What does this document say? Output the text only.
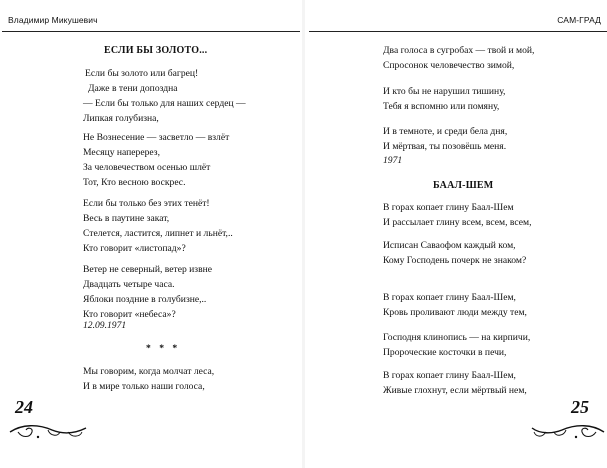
Владимир Микушевич
ЕСЛИ БЫ ЗОЛОТО...
Если бы золото или багрец!
Даже в тени допоздна
— Если бы только для наших сердец —
Липкая голубизна,
Не Вознесение — засветло — взлёт
Месяцу наперерез,
За человечеством осенью шлёт
Тот, Кто весною воскрес.
Если бы только без этих тенёт!
Весь в паутине закат,
Стелется, ластится, липнет и льнёт,..
Кто говорит «листопад»?
Ветер не северный, ветер извне
Двадцать четыре часа.
Яблоки поздние в голубизне,..
Кто говорит «небеса»?
12.09.1971
* * *
Мы говорим, когда молчат леса,
И в мире только наши голоса,
24
САМ-ГРАД
Два голоса в сугробах — твой и мой,
Спросонок человечество зимой,
И кто бы не нарушил тишину,
Тебя я вспомню или помяну,
И в темноте, и среди бела дня,
И мёртвая, ты позовёшь меня.
1971
БААЛ-ШЕМ
В горах копает глину Баал-Шем
И рассылает глину всем, всем, всем,
Исписан Саваофом каждый ком,
Кому Господень почерк не знаком?
В горах копает глину Баал-Шем,
Кровь проливают люди между тем,
Господня клинопись — на кирпичи,
Пророческие косточки в печи,
В горах копает глину Баал-Шем,
Живые глохнут, если мёртвый нем,
25
